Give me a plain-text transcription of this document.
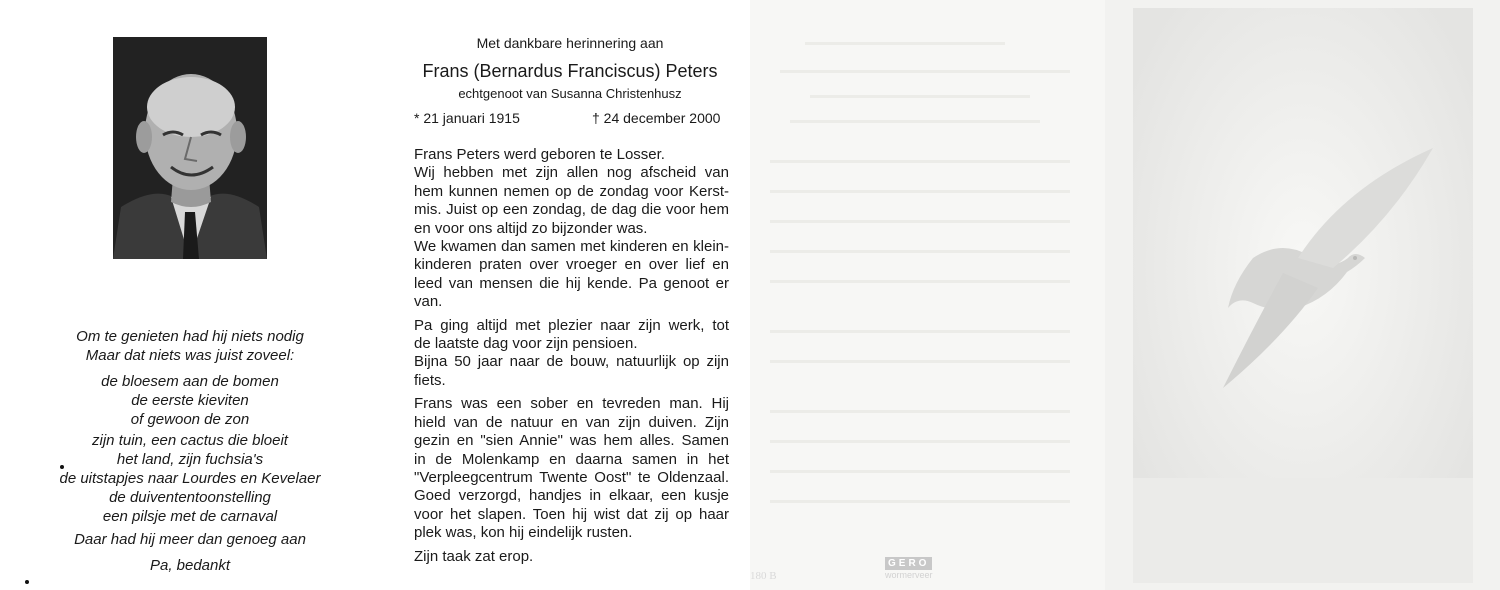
Om te genieten had hij niets nodig
Maar dat niets was juist zoveel:
de bloesem aan de bomen
de eerste kieviten
of gewoon de zon
zijn tuin, een cactus die bloeit
het land, zijn fuchsia's
de uitstapjes naar Lourdes en Kevelaer
de duivententoonstelling
een pilsje met de carnaval
Daar had hij meer dan genoeg aan
Pa, bedankt
Met dankbare herinnering aan
Frans (Bernardus Franciscus) Peters
echtgenoot van Susanna Christenhusz
* 21 januari 1915	† 24 december 2000

Frans Peters werd geboren te Losser.
Wij hebben met zijn allen nog afscheid van
hem kunnen nemen op de zondag voor Kerst-
mis. Juist op een zondag, de dag die voor hem
en voor ons altijd zo bijzonder was.
We kwamen dan samen met kinderen en klein-
kinderen praten over vroeger en over lief en
leed van mensen die hij kende. Pa genoot er
van.

Pa ging altijd met plezier naar zijn werk, tot
de laatste dag voor zijn pensioen.
Bijna 50 jaar naar de bouw, natuurlijk op zijn
fiets.

Frans was een sober en tevreden man. Hij
hield van de natuur en van zijn duiven. Zijn
gezin en "sien Annie" was hem alles. Samen
in de Molenkamp en daarna samen in het
"Verpleegcentrum Twente Oost" te Oldenzaal.
Goed verzorgd, handjes in elkaar, een kusje
voor het slapen. Toen hij wist dat zij op haar
plek was, kon hij eindelijk rusten.

Zijn taak zat erop.

180 B
GERO
wormerveer
